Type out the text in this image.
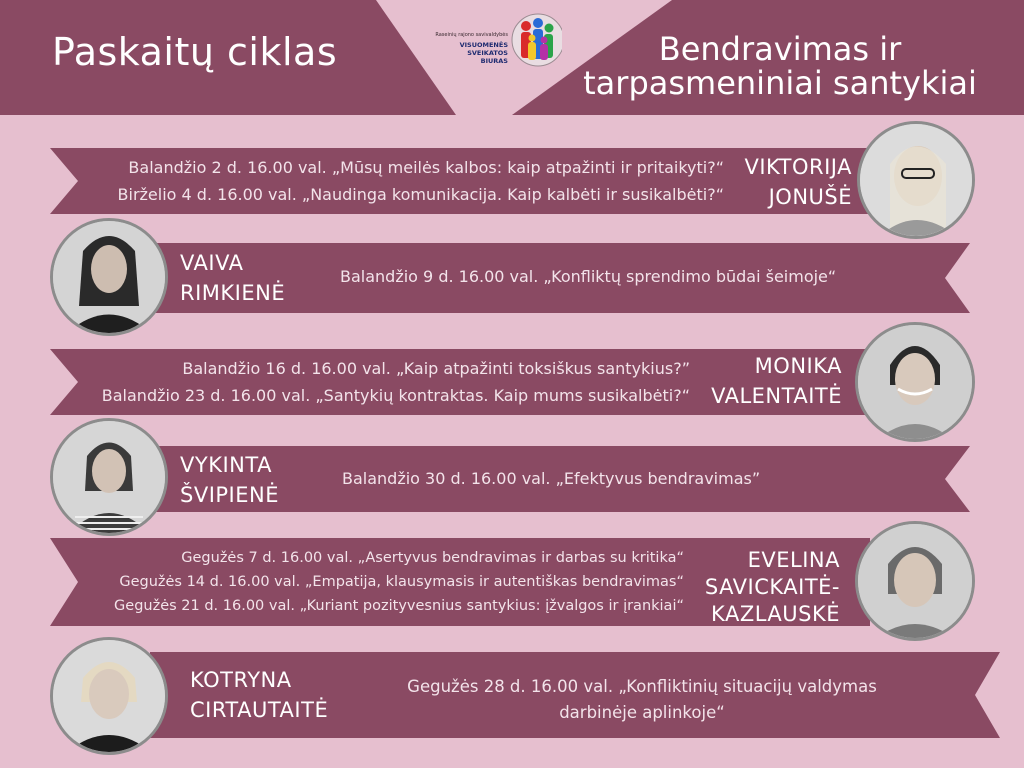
Paskaitų ciklas	Bendravimas ir
tarpasmeniniai santykiai
Raseinių rajono savivaldybės
VISUOMENĖS
SVEIKATOS
BIURAS
Balandžio 2 d. 16.00 val. „Mūsų meilės kalbos: kaip atpažinti ir pritaikyti?“
Birželio 4 d. 16.00 val. „Naudinga komunikacija. Kaip kalbėti ir susikalbėti?“
VIKTORIJA
JONUŠĖ
VAIVA
RIMKIENĖ
Balandžio 9 d. 16.00 val. „Konfliktų sprendimo būdai šeimoje“
Balandžio 16 d. 16.00 val. „Kaip atpažinti toksiškus santykius?”
Balandžio 23 d. 16.00 val. „Santykių kontraktas. Kaip mums susikalbėti?“
MONIKA
VALENTAITĖ
VYKINTA
ŠVIPIENĖ
Balandžio 30 d. 16.00 val. „Efektyvus bendravimas”
Gegužės 7 d. 16.00 val. „Asertyvus bendravimas ir darbas su kritika“
Gegužės 14 d. 16.00 val. „Empatija, klausymasis ir autentiškas bendravimas“
Gegužės 21 d. 16.00 val. „Kuriant pozityvesnius santykius: įžvalgos ir įrankiai“
EVELINA
SAVICKAITĖ-
KAZLAUSKĖ
KOTRYNA
CIRTAUTAITĖ
Gegužės 28 d. 16.00 val. „Konfliktinių situacijų valdymas
darbinėje aplinkoje“
